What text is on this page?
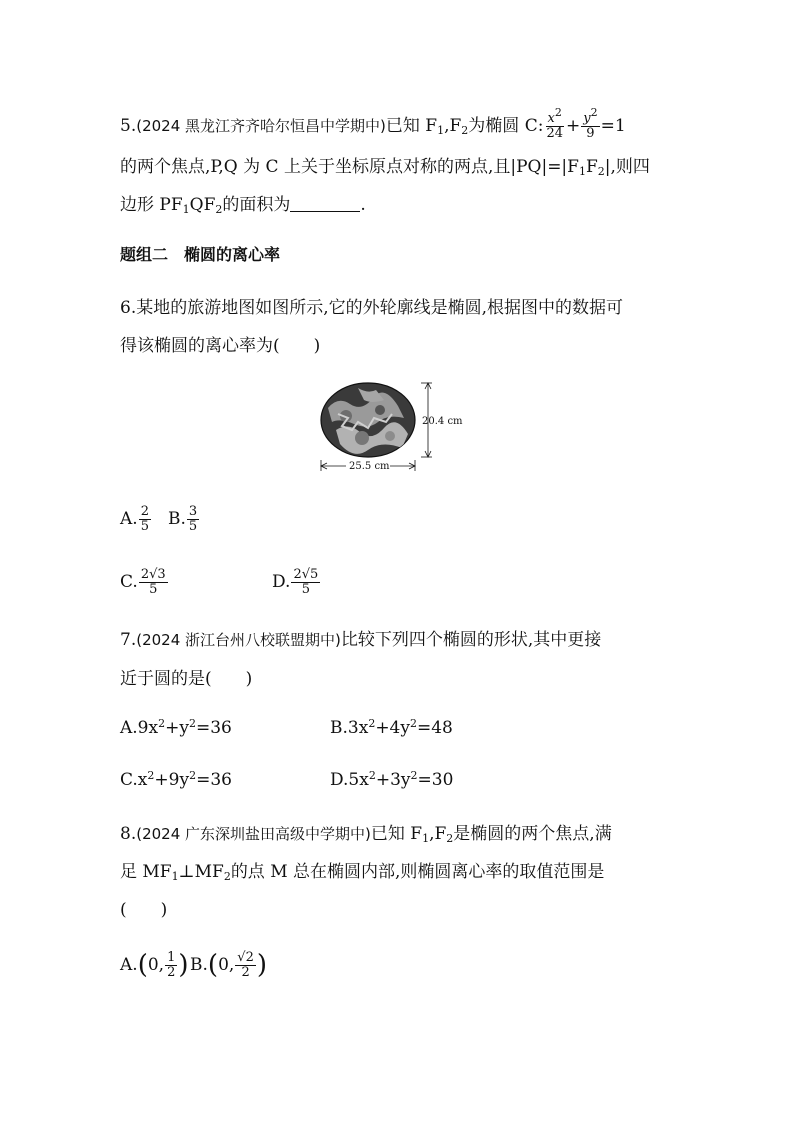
5.(2024 黑龙江齐齐哈尔恒昌中学期中)已知 $F_1,F_2$为椭圆 C: $\frac{x^2}{24} + \frac{y^2}{9} =1$
的两个焦点,P,Q 为 C 上关于坐标原点对称的两点,且$|PQ|=|F_1F_2|$,则四
边形 $PF_1QF_2$的面积为	.
题组二　椭圆的离心率
6.某地的旅游地图如图所示,它的外轮廓线是椭圆,根据图中的数据可
得该椭圆的离心率为(　　)
20.4 cm
25.5 cm
A. $\frac{2}{5} B$. $\frac{3}{5}$
C. $\frac{2√3}{5}$	D. $\frac{2√5}{5}$
7.(2024 浙江台州八校联盟期中)比较下列四个椭圆的形状,其中更接
近于圆的是(　　)
$A.9x^2+y^2=36$	$B.3x^2+4y^2=48$
$C.x^2+9y^2=36$	$D.5x^2+3y^2=30$
8.(2024 广东深圳盐田高级中学期中)已知 $F_1,F_2$是椭圆的两个焦点,满
足 $MF_1\perp MF_2$的点 M 总在椭圆内部,则椭圆离心率的取值范围是
(　　)
A.(0, $\frac{1}{2}$ ) B.(0, $\frac{√2}{2}$ )
